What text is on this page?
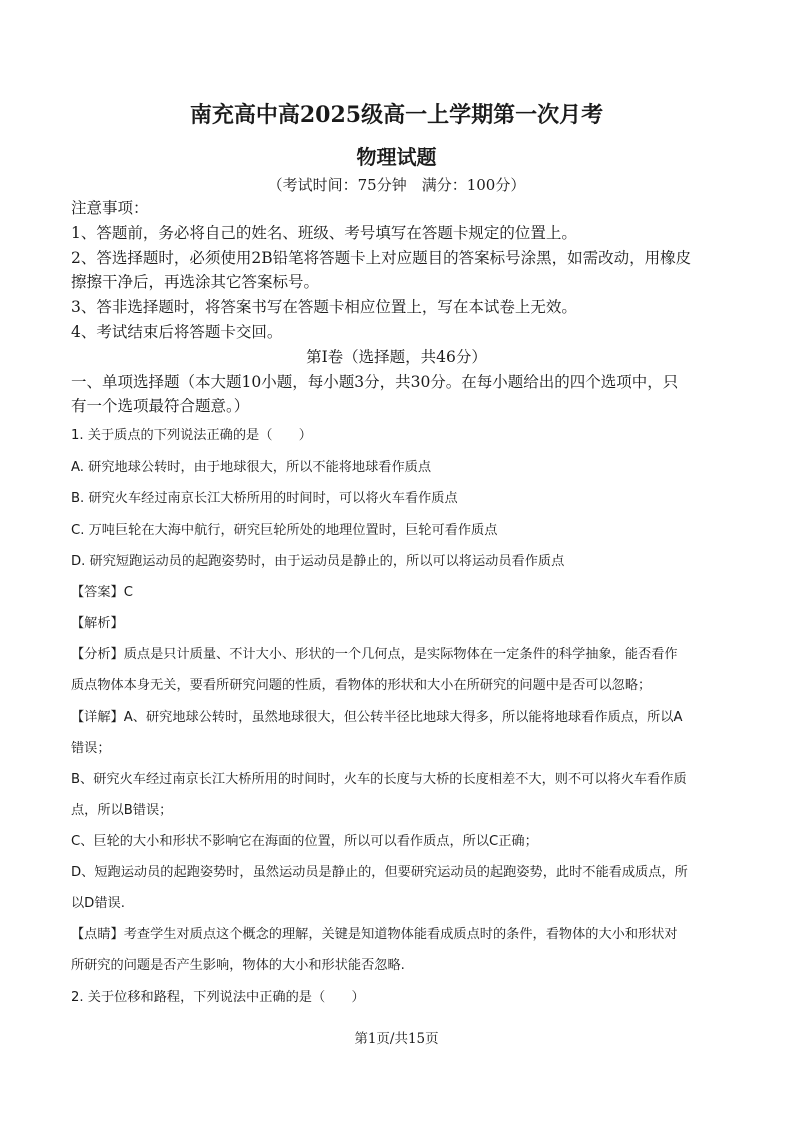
南充高中高2025级高一上学期第一次月考
物理试题
（考试时间：75分钟　满分：100分）
注意事项：
1、答题前，务必将自己的姓名、班级、考号填写在答题卡规定的位置上。
2、答选择题时，必须使用2B铅笔将答题卡上对应题目的答案标号涂黑，如需改动，用橡皮
擦擦干净后，再选涂其它答案标号。
3、答非选择题时，将答案书写在答题卡相应位置上，写在本试卷上无效。
4、考试结束后将答题卡交回。
第Ⅰ卷（选择题，共46分）
一、单项选择题（本大题10小题，每小题3分，共30分。在每小题给出的四个选项中，只
有一个选项最符合题意。）
1. 关于质点的下列说法正确的是（　　）
A. 研究地球公转时，由于地球很大，所以不能将地球看作质点
B. 研究火车经过南京长江大桥所用的时间时，可以将火车看作质点
C. 万吨巨轮在大海中航行，研究巨轮所处的地理位置时，巨轮可看作质点
D. 研究短跑运动员的起跑姿势时，由于运动员是静止的，所以可以将运动员看作质点
【答案】C
【解析】
【分析】质点是只计质量、不计大小、形状的一个几何点，是实际物体在一定条件的科学抽象，能否看作
质点物体本身无关，要看所研究问题的性质，看物体的形状和大小在所研究的问题中是否可以忽略；
【详解】A、研究地球公转时，虽然地球很大，但公转半径比地球大得多，所以能将地球看作质点，所以A
错误；
B、研究火车经过南京长江大桥所用的时间时，火车的长度与大桥的长度相差不大，则不可以将火车看作质
点，所以B错误；
C、巨轮的大小和形状不影响它在海面的位置，所以可以看作质点，所以C正确；
D、短跑运动员的起跑姿势时，虽然运动员是静止的，但要研究运动员的起跑姿势，此时不能看成质点，所
以D错误.
【点睛】考查学生对质点这个概念的理解，关键是知道物体能看成质点时的条件，看物体的大小和形状对
所研究的问题是否产生影响，物体的大小和形状能否忽略.
2. 关于位移和路程，下列说法中正确的是（　　）
第1页/共15页
